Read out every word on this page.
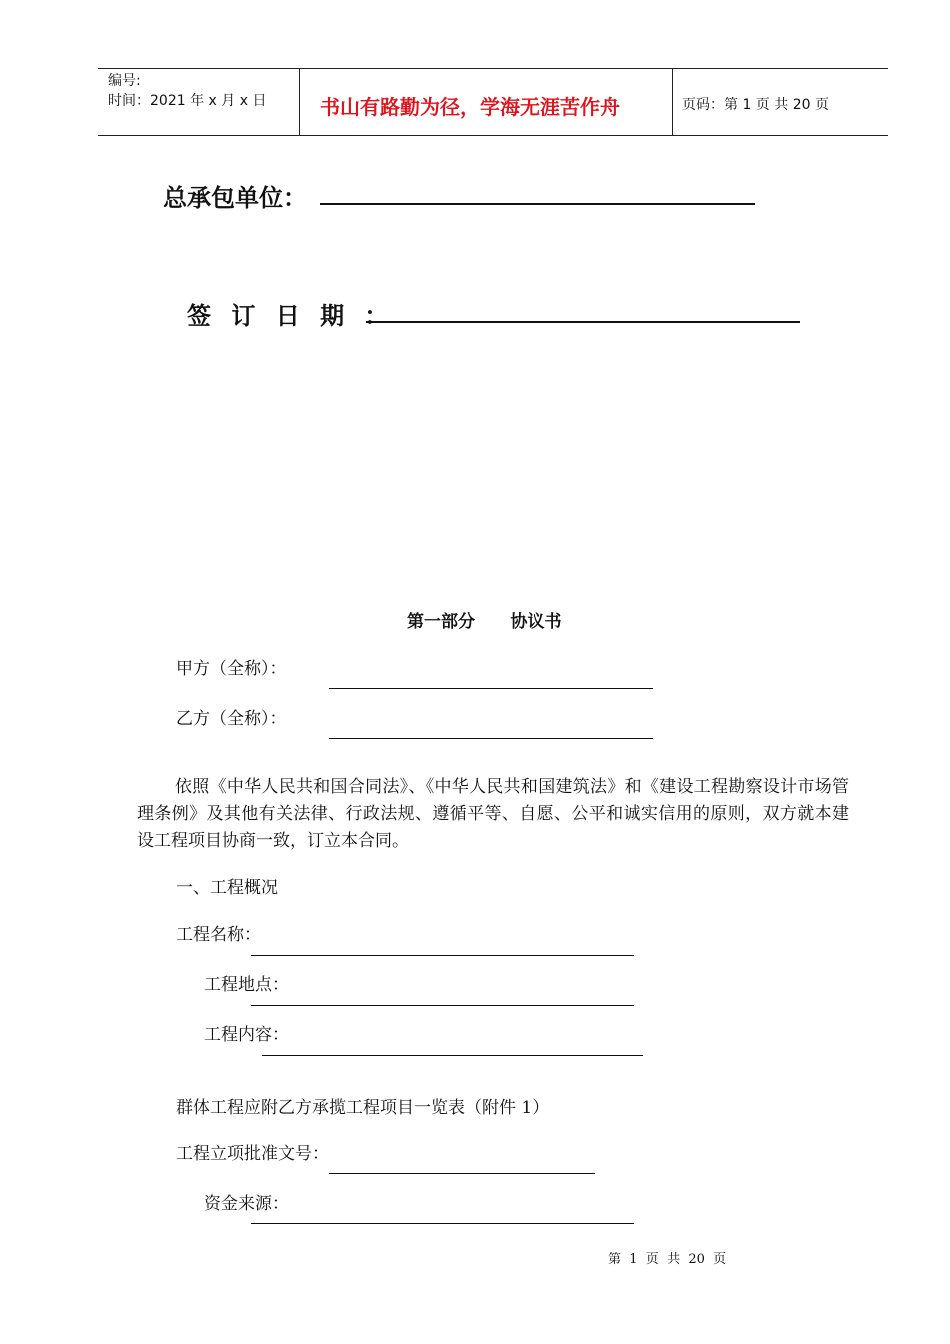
编号:
时间：2021 年 x 月 x 日	书山有路勤为径，学海无涯苦作舟	页码：第 1 页 共 20 页
总承包单位：
签 订 日 期 ：
第一部分      协议书
甲方（全称）：
乙方（全称）：
依照《中华人民共和国合同法》、《中华人民共和国建筑法》和《建设工程勘察设计市场管理条例》及其他有关法律、行政法规、遵循平等、自愿、公平和诚实信用的原则，双方就本建设工程项目协商一致，订立本合同。
一、工程概况
工程名称：
工程地点：
工程内容：
群体工程应附乙方承揽工程项目一览表（附件 1）
工程立项批准文号：
资金来源：
第  1  页  共  20  页
